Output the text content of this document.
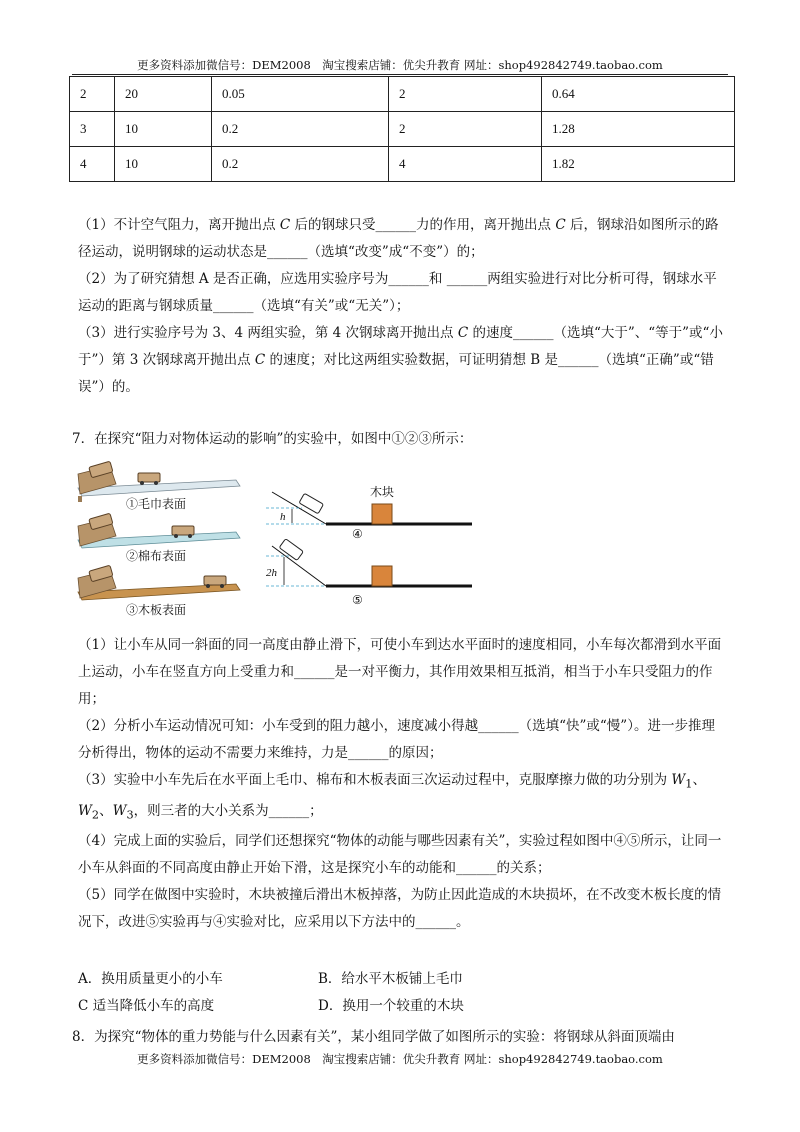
更多资料添加微信号：DEM2008　淘宝搜索店铺：优尖升教育 网址：shop492842749.taobao.com
2	20	0.05	2	0.64
3	10	0.2	2	1.28
4	10	0.2	4	1.82

（1）不计空气阻力，离开抛出点 C 后的钢球只受______力的作用，离开抛出点 C 后，钢球沿如图所示的路径运动，说明钢球的运动状态是______（选填“改变”成“不变”）的；

（2）为了研究猜想 A 是否正确，应选用实验序号为______和 ______两组实验进行对比分析可得，钢球水平运动的距离与钢球质量______（选填“有关”或“无关”）；

（3）进行实验序号为 3、4 两组实验，第 4 次钢球离开抛出点 C 的速度______（选填“大于”、“等于”或“小于”）第 3 次钢球离开抛出点 C 的速度；对比这两组实验数据，可证明猜想 B 是______（选填“正确”或“错误”）的。

7．在探究“阻力对物体运动的影响”的实验中，如图中①②③所示：
①毛巾表面
②棉布表面
③木板表面
木块
h
④
2h
⑤

（1）让小车从同一斜面的同一高度由静止滑下，可使小车到达水平面时的速度相同，小车每次都滑到水平面上运动，小车在竖直方向上受重力和______是一对平衡力，其作用效果相互抵消，相当于小车只受阻力的作用；

（2）分析小车运动情况可知：小车受到的阻力越小，速度减小得越______（选填“快”或“慢”）。进一步推理分析得出，物体的运动不需要力来维持，力是______的原因；

（3）实验中小车先后在水平面上毛巾、棉布和木板表面三次运动过程中，克服摩擦力做的功分别为 $W_1$、$W_2$、$W_3$，则三者的大小关系为______；

（4）完成上面的实验后，同学们还想探究“物体的动能与哪些因素有关”，实验过程如图中④⑤所示，让同一小车从斜面的不同高度由静止开始下滑，这是探究小车的动能和______的关系；

（5）同学在做图中实验时，木块被撞后滑出木板掉落，为防止因此造成的木块损坏，在不改变木板长度的情况下，改进⑤实验再与④实验对比，应采用以下方法中的______。

A．换用质量更小的小车	B．给水平木板铺上毛巾
C 适当降低小车的高度	D．换用一个较重的木块
8．为探究“物体的重力势能与什么因素有关”，某小组同学做了如图所示的实验：将钢球从斜面顶端由
更多资料添加微信号：DEM2008　淘宝搜索店铺：优尖升教育 网址：shop492842749.taobao.com
